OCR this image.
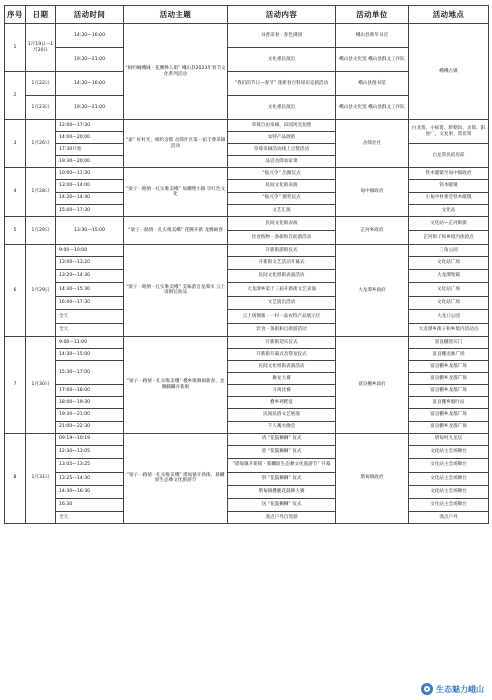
序号	日期	活动时间	活动主题	活动内容	活动单位	活动地点
1	1月19日—1月20日	14:30—16:00	“相约崛峨城 · 花腰彝人街” 峨山县2023年春节文化系列活动	书香读春 · 春色满园	峨山县新华书店	峨峨古镇
		19:30—21:00		文化惠民演出	峨山县文化馆 峨山县群文工作队	
2	1月22日	14:30—16:00		“我们的节日—春节” 迷新春百科知识竞猜活动	峨山县图书馆	
	1月23日	19:30—21:00		文化惠民演出	峨山县文化馆 峨山县群文工作队	
3	1月26日	12:00—17:30	“嘉” 好村光，相约舍郎 舍郎社区第一届丰尊采摘活动	草莓自由采摘，田园风光拍照	舍郎社区	白龙箐、小栎箐、阶勒沟、舍郎、阳逆厂、文复果、箐炭箐
		14:00—20:00		农特产品展销		
		17:30开始		草莓采摘活动线上点赞活动		白龙箐民宿房前
		19:30—20:00		品尝舍郎农家菜		
4	1月28日	10:00—11:30	“梁子一路情 · 扎实唯美峨” 甸嘟嘿小镇 享红色文化	“振兴令” 出圈仪式	甸中镇政府	铁木暖镇至甸中镇政府
		13:00—14:00		民间文化街表演		铁木暖镇
		14:20—14:40		“振兴令” 颁奖仪式		小甸中村委会铁木暖镇
		15:00—17:30		文艺汇演		文化站
5	1月29日	13:30—15:00	“梁子一路情 · 扎实唯美峨” 花腾开新 龙腾闹春	民间文化街表演	芷河乡政府	文化站—芷河街街
				饮食购物一条街和自助游活动		芷河街子和乡境内体验点
6	1月29日	9:00—10:00	“梁子一路情 · 扎实唯美峨” 美味游自龙潭水 云上请钢任欲品	开新街游街仪式	大龙潭乡政府	三角公园
		13:00—13:20		开新街文艺活动开幕式		文化站广场
		13:20—14:30		民间文化组街表演活动		大龙潭集镇
		14:30—15:30		大龙潭乡第十三届开新街文艺表演		文化站广场
		16:00—17:30		文艺演出活动		文化站广场
		全天		云上场钢寨 · 一村一品农特产品展示区		大龙口公园
		全天		饮食一条街和自助游活动		大龙潭乡街子和乡境内活动点
7	1月30日	9:00—11:00	“梁子一路情 · 扎实唯美峨” 叠乡歌舞闹新春、龙腾麒麟开新街	开新街迎宾仪式	富良棚乡政府	富良棚迎宾门
		14:30—15:00		开新街开幕式及祭龙仪式		富良棚龙脉广场
		15:30—17:00		民间文化组街表演活动		富良棚乡龙都广场
				舞龙大赛		富良棚乡龙都广场
		17:00—18:00		斗鸡比赛		富良棚乡龙都广场
		18:00—19:30		叠乡鸡粑宴		富良棚乡烟叶站
		19:30—21:00		民间民俗文艺展演		富良棚乡龙都广场
		21:00—22:30		千人篝火晚会		富良棚乡龙都广场
8	1月31日	09:19—10:19	“梁子一路情 · 扎实唯美峨” 塔甸镇开新街、蔡麟原生态彝文化旅游节	请 “花鼓狮狮” 仪式	塔甸镇政府	塔甸村九龙坛
		12:30—13:05		迎 “花鼓狮狮” 仪式		文化站主会场舞台
		13:05—13:25		“塔甸镇开新街 · 蔡麟原生态彝文化旅游节” 开幕		文化站主会场舞台
		13:25—14:30		祭 “花鼓狮狮” 仪式		文化站主会场舞台
		14:30—16:30		塔甸镇叠脆花鼓舞大赛		文化站主会场舞台
		16:30		送 “花鼓狮狮” 仪式		文化站主会场舞台
		全天		翡点户外自驾游		翡点户外
生态魅力峨山
